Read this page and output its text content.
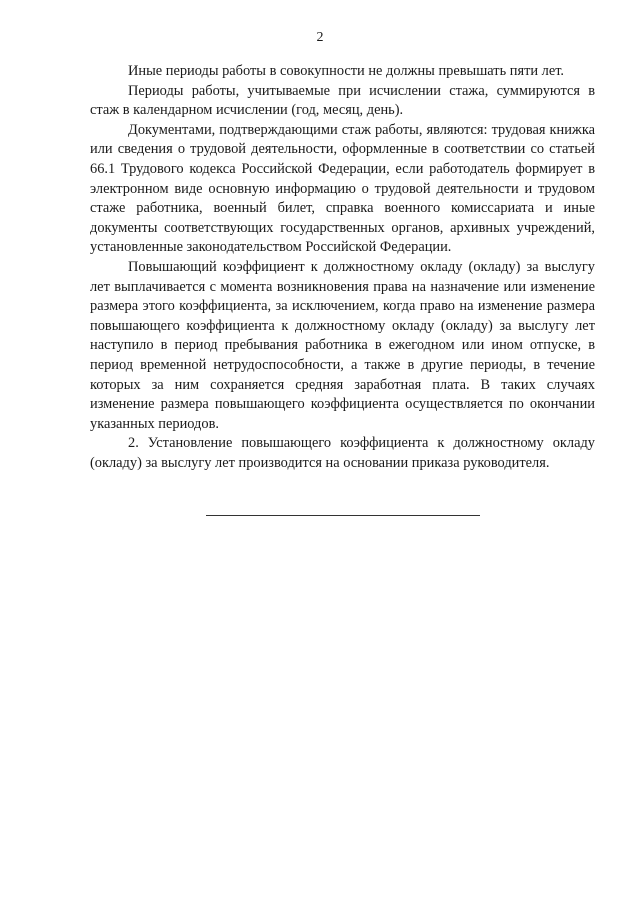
2

Иные периоды работы в совокупности не должны превышать пяти лет.

Периоды работы, учитываемые при исчислении стажа, суммируются в стаж в календарном исчислении (год, месяц, день).

Документами, подтверждающими стаж работы, являются: трудовая книжка или сведения о трудовой деятельности, оформленные в соответствии со статьей 66.1 Трудового кодекса Российской Федерации, если работодатель формирует в электронном виде основную информацию о трудовой деятельности и трудовом стаже работника, военный билет, справка военного комиссариата и иные документы соответствующих государственных органов, архивных учреждений, установленные законодательством Российской Федерации.

Повышающий коэффициент к должностному окладу (окладу) за выслугу лет выплачивается с момента возникновения права на назначение или изменение размера этого коэффициента, за исключением, когда право на изменение размера повышающего коэффициента к должностному окладу (окладу) за выслугу лет наступило в период пребывания работника в ежегодном или ином отпуске, в период временной нетрудоспособности, а также в другие периоды, в течение которых за ним сохраняется средняя заработная плата. В таких случаях изменение размера повышающего коэффициента осуществляется по окончании указанных периодов.

2. Установление повышающего коэффициента к должностному окладу (окладу) за выслугу лет производится на основании приказа руководителя.
